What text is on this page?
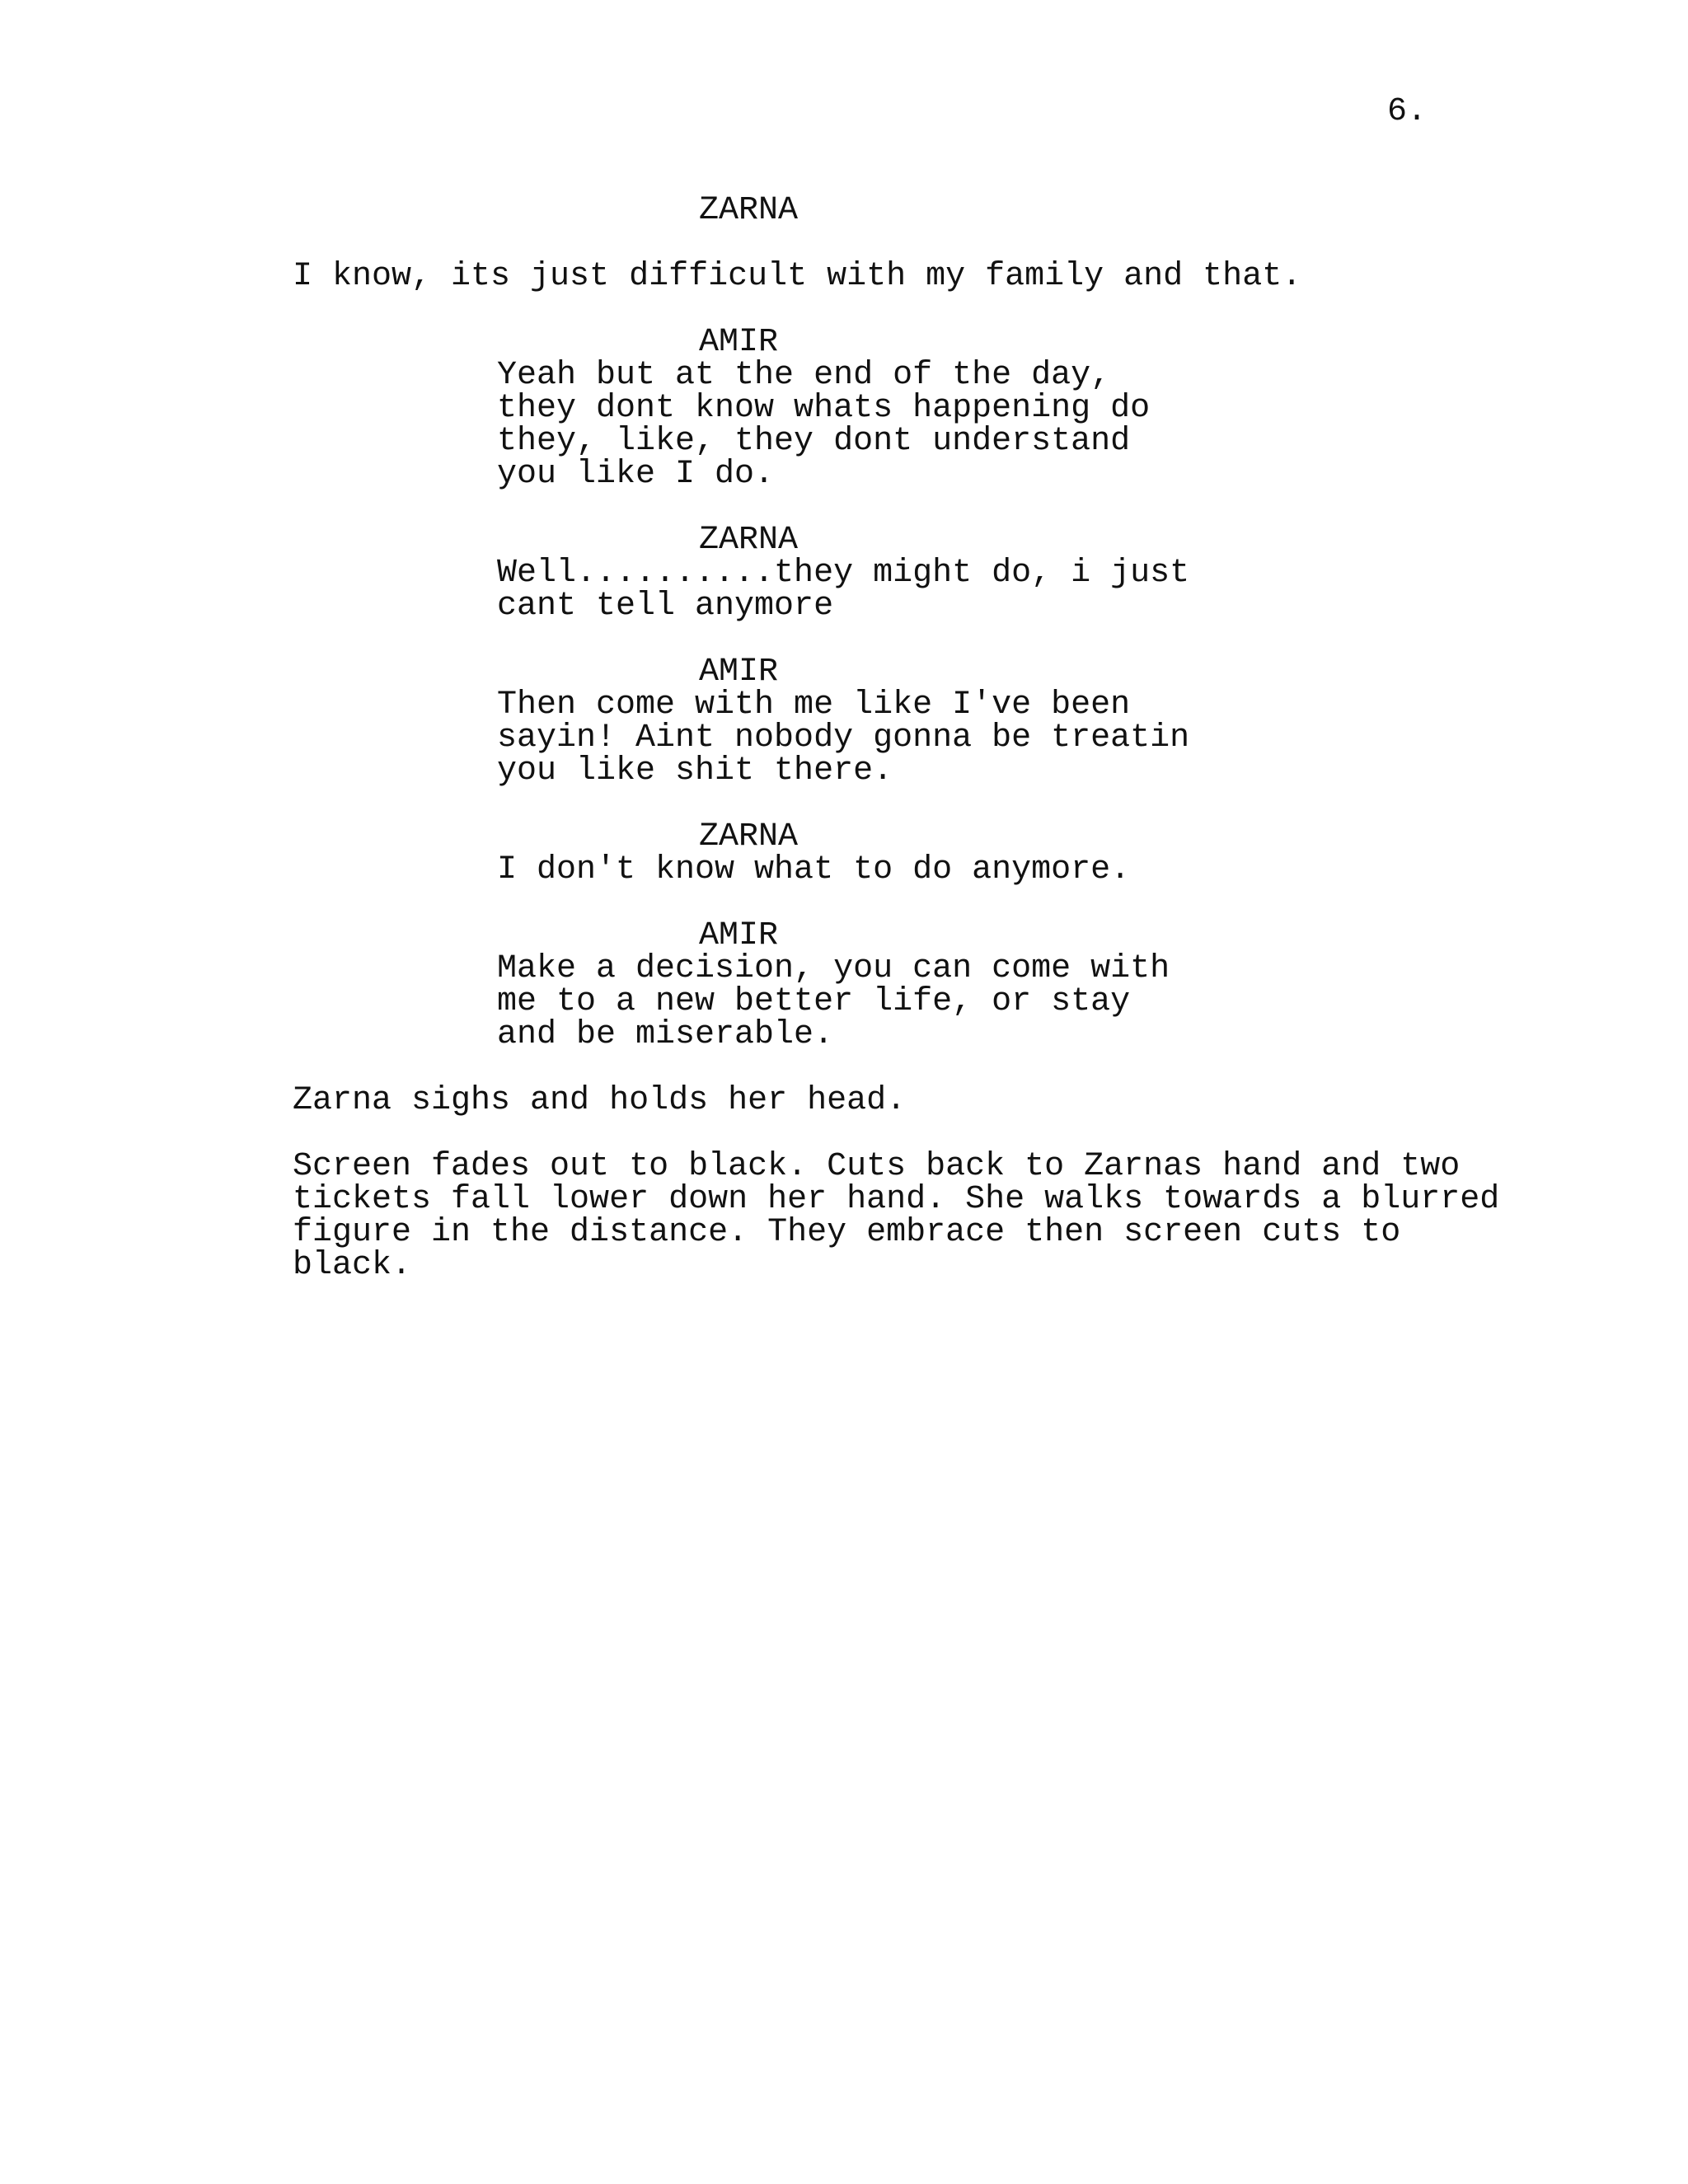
6.
ZARNA
I know, its just difficult with my family and that.
AMIR
Yeah but at the end of the day,
they dont know whats happening do
they, like, they dont understand
you like I do.
ZARNA
Well..........they might do, i just
cant tell anymore
AMIR
Then come with me like I've been
sayin! Aint nobody gonna be treatin
you like shit there.
ZARNA
I don't know what to do anymore.
AMIR
Make a decision, you can come with
me to a new better life, or stay
and be miserable.
Zarna sighs and holds her head.
Screen fades out to black. Cuts back to Zarnas hand and two
tickets fall lower down her hand. She walks towards a blurred
figure in the distance. They embrace then screen cuts to
black.
